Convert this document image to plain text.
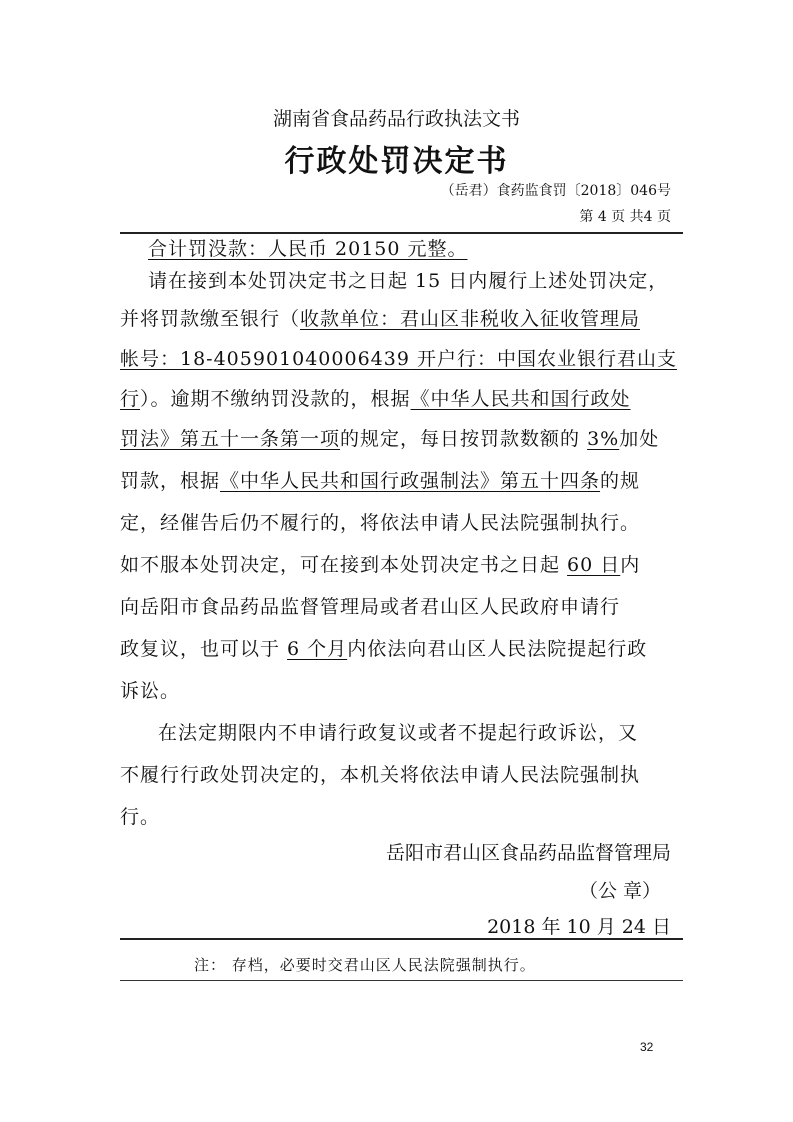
湖南省食品药品行政执法文书
行政处罚决定书
（岳君）食药监食罚〔2018〕046号
第 4 页 共4 页
合计罚没款：人民币 20150 元整。
请在接到本处罚决定书之日起 15 日内履行上述处罚决定，
并将罚款缴至银行（收款单位：君山区非税收入征收管理局
帐号：18-405901040006439 开户行：中国农业银行君山支
行）。逾期不缴纳罚没款的，根据《中华人民共和国行政处
罚法》第五十一条第一项的规定，每日按罚款数额的 3%加处
罚款，根据《中华人民共和国行政强制法》第五十四条的规
定，经催告后仍不履行的，将依法申请人民法院强制执行。
如不服本处罚决定，可在接到本处罚决定书之日起 60 日内
向岳阳市食品药品监督管理局或者君山区人民政府申请行
政复议，也可以于 6 个月内依法向君山区人民法院提起行政
诉讼。
在法定期限内不申请行政复议或者不提起行政诉讼，又
不履行行政处罚决定的，本机关将依法申请人民法院强制执
行。
岳阳市君山区食品药品监督管理局
（公 章）
2018 年 10 月 24 日
注： 存档，必要时交君山区人民法院强制执行。
32
